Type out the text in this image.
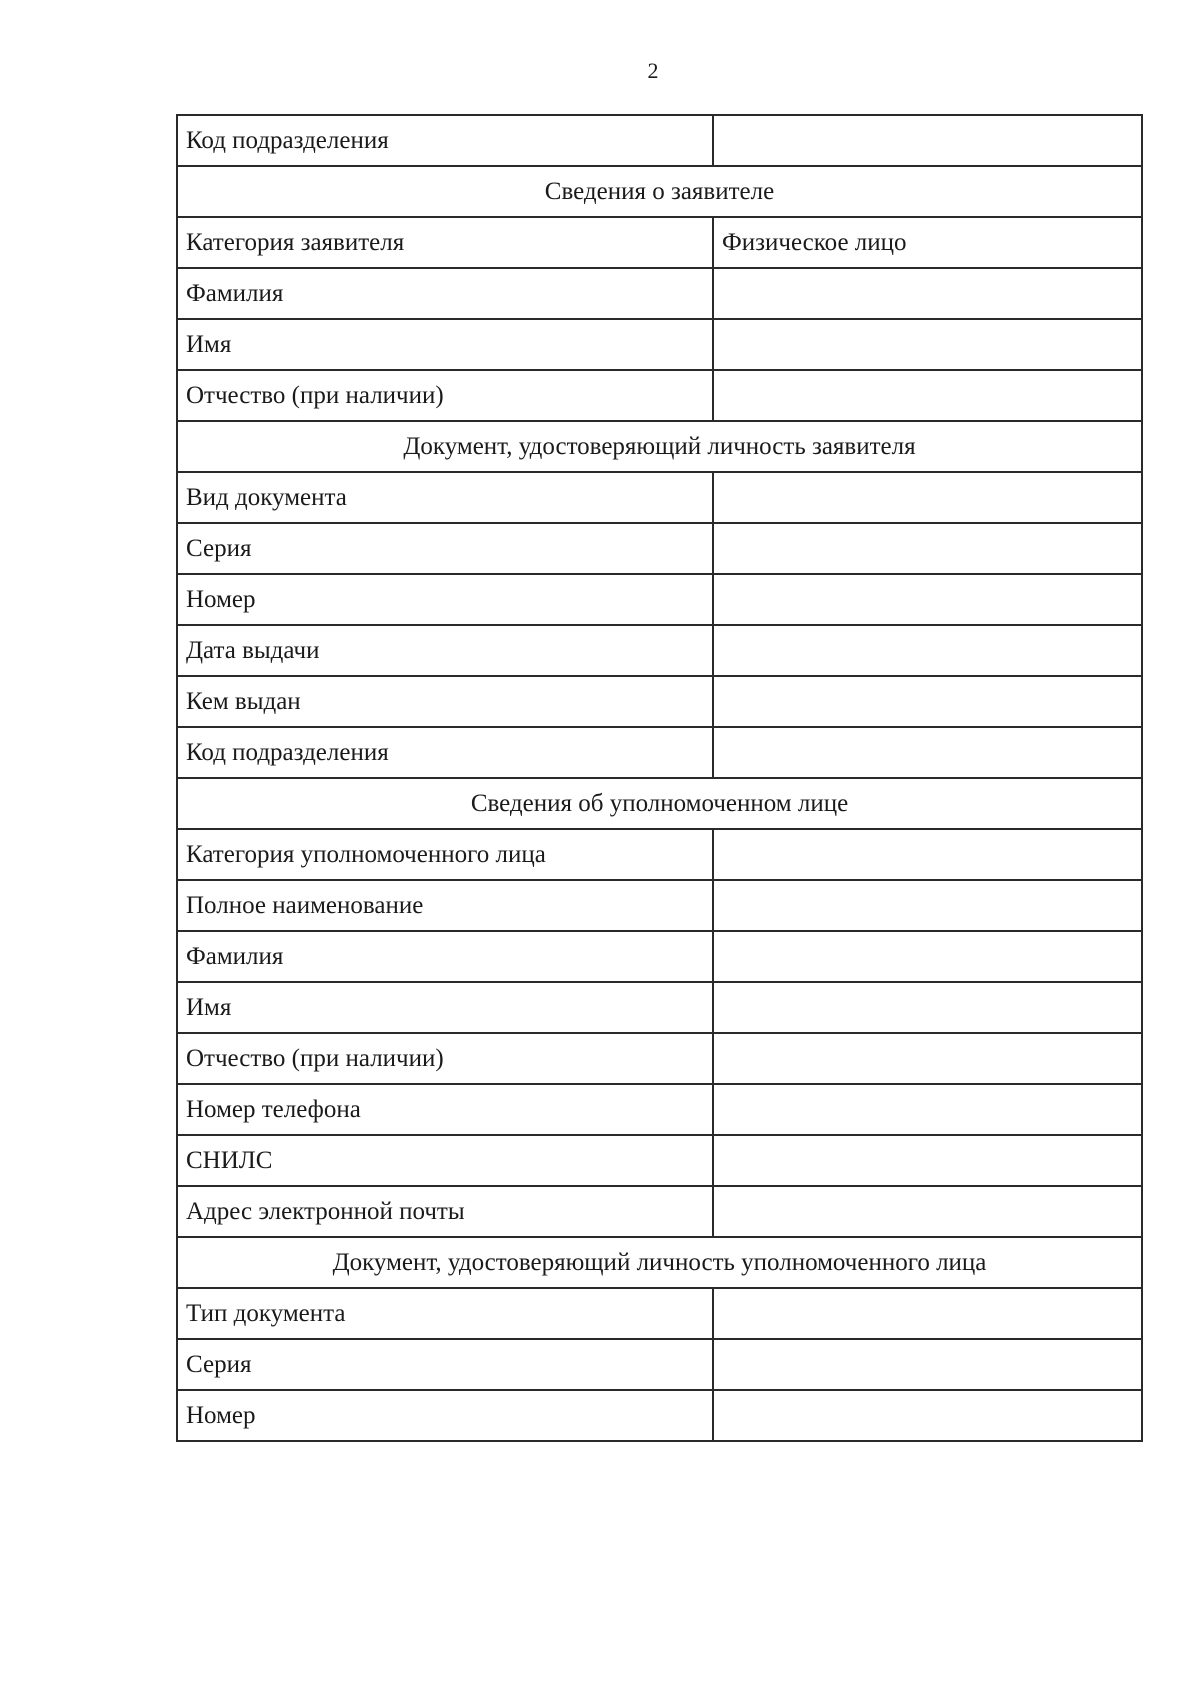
2
Код подразделения	
Сведения о заявителе	
Категория заявителя	Физическое лицо
Фамилия	
Имя	
Отчество (при наличии)	
Документ, удостоверяющий личность заявителя	
Вид документа	
Серия	
Номер	
Дата выдачи	
Кем выдан	
Код подразделения	
Сведения об уполномоченном лице	
Категория уполномоченного лица	
Полное наименование	
Фамилия	
Имя	
Отчество (при наличии)	
Номер телефона	
СНИЛС	
Адрес электронной почты	
Документ, удостоверяющий личность уполномоченного лица	
Тип документа	
Серия	
Номер	
